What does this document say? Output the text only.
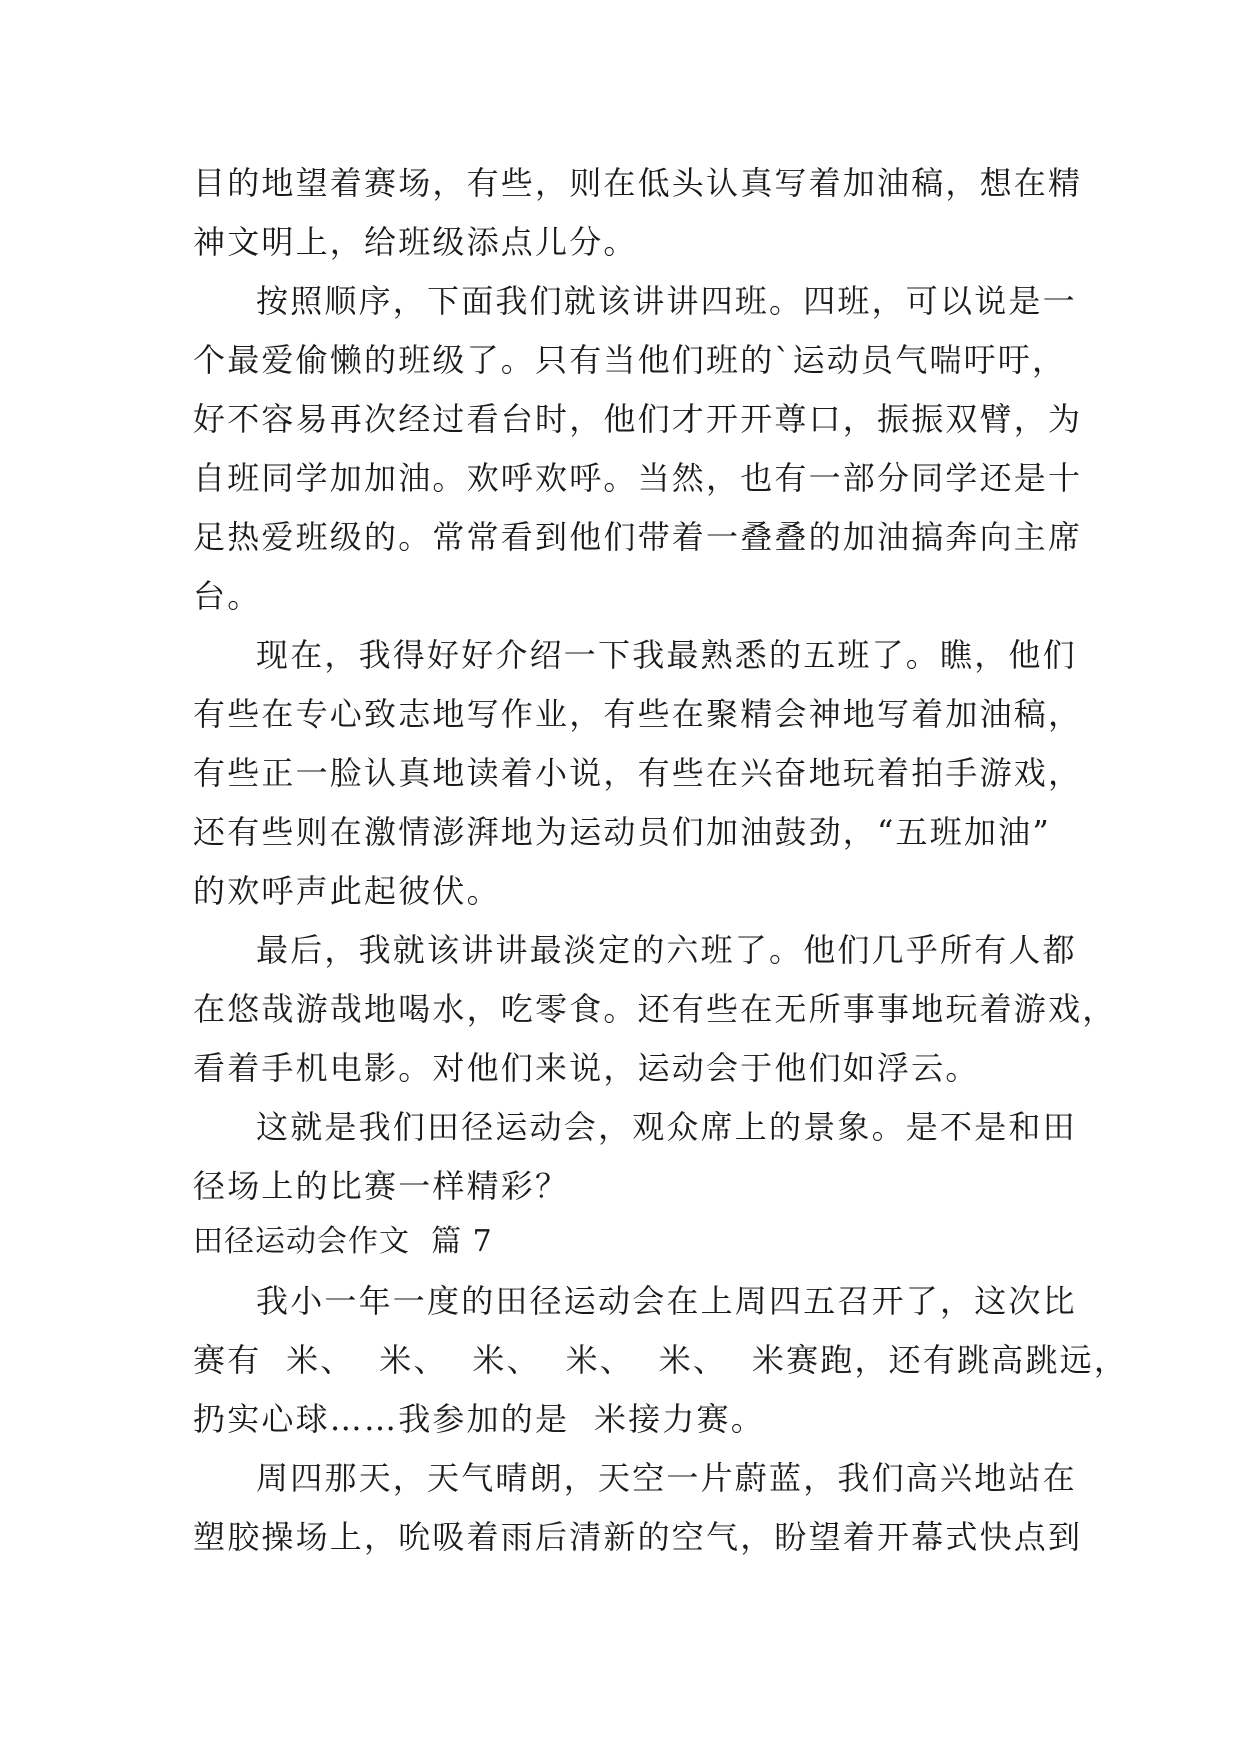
目的地望着赛场，有些，则在低头认真写着加油稿，想在精
神文明上，给班级添点儿分。
按照顺序，下面我们就该讲讲四班。四班，可以说是一
个最爱偷懒的班级了。只有当他们班的`运动员气喘吁吁，
好不容易再次经过看台时，他们才开开尊口，振振双臂，为
自班同学加加油。欢呼欢呼。当然，也有一部分同学还是十
足热爱班级的。常常看到他们带着一叠叠的加油搞奔向主席
台。
现在，我得好好介绍一下我最熟悉的五班了。瞧，他们
有些在专心致志地写作业，有些在聚精会神地写着加油稿，
有些正一脸认真地读着小说，有些在兴奋地玩着拍手游戏，
还有些则在激情澎湃地为运动员们加油鼓劲，“五班加油”
的欢呼声此起彼伏。
最后，我就该讲讲最淡定的六班了。他们几乎所有人都
在悠哉游哉地喝水，吃零食。还有些在无所事事地玩着游戏，
看着手机电影。对他们来说，运动会于他们如浮云。
这就是我们田径运动会，观众席上的景象。是不是和田
径场上的比赛一样精彩？
田径运动会作文  篇 7
我小一年一度的田径运动会在上周四五召开了，这次比
赛有  米、  米、  米、  米、  米、  米赛跑，还有跳高跳远，
扔实心球……我参加的是  米接力赛。
周四那天，天气晴朗，天空一片蔚蓝，我们高兴地站在
塑胶操场上，吮吸着雨后清新的空气，盼望着开幕式快点到
